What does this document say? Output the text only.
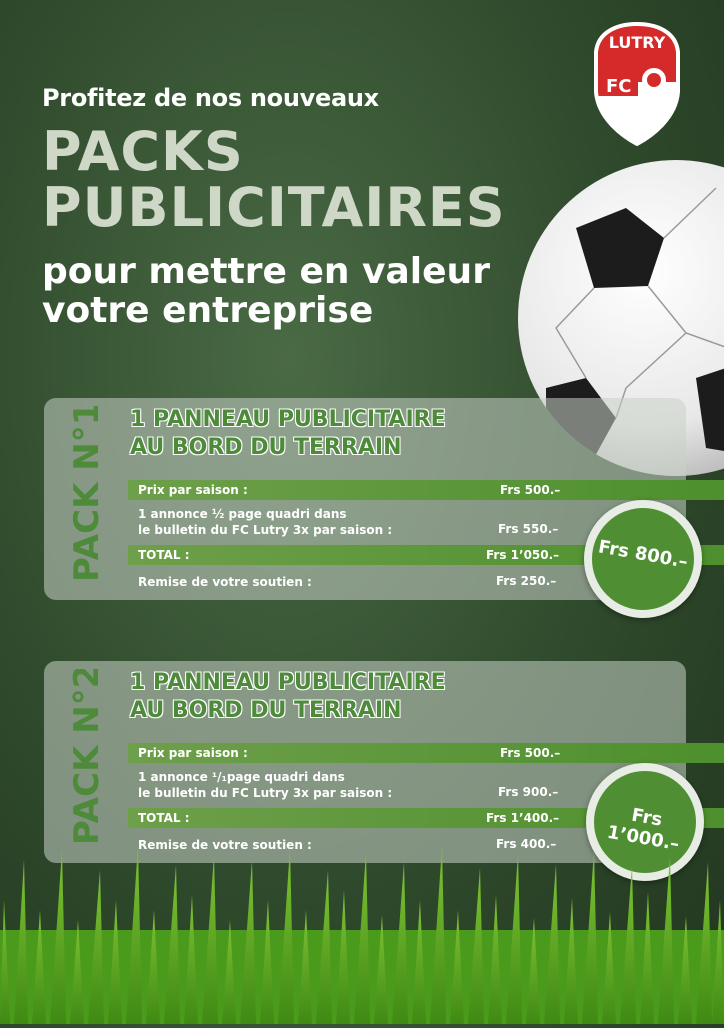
Profitez de nos nouveaux
PACKS
PUBLICITAIRES
pour mettre en valeur
votre entreprise
LUTRY
FC
PACK N°1 1 PANNEAU PUBLICITAIRE
AU BORD DU TERRAIN
Prix par saison :	Frs 500.–
1 annonce ½ page quadri dans
le bulletin du FC Lutry 3x par saison :	Frs 550.–
TOTAL :	Frs 1’050.–
Remise de votre soutien :	Frs 250.–
Frs 800.–
PACK N°2 1 PANNEAU PUBLICITAIRE
AU BORD DU TERRAIN
Prix par saison :	Frs 500.–
1 annonce ¹/₁page quadri dans
le bulletin du FC Lutry 3x par saison :	Frs 900.–
TOTAL :	Frs 1’400.–
Remise de votre soutien :	Frs 400.–
Frs 1’000.–
